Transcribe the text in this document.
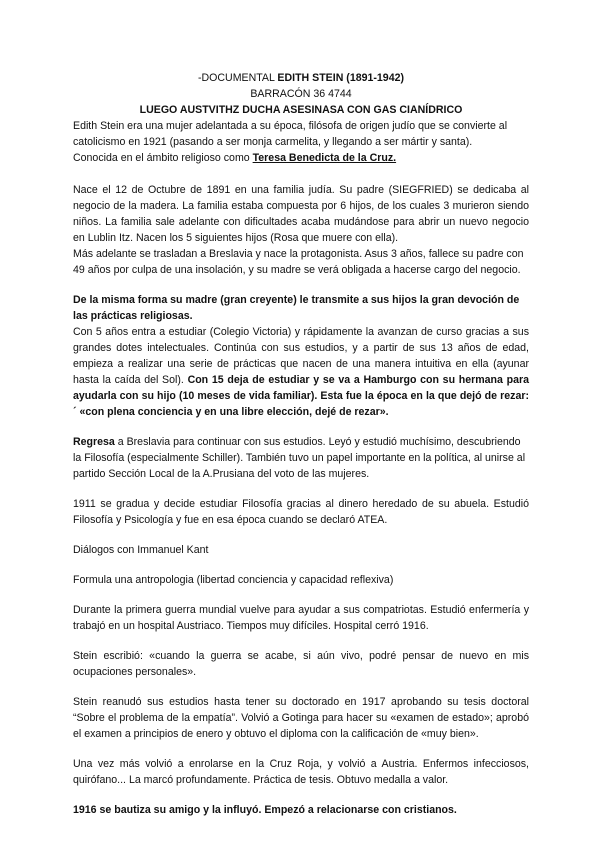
-DOCUMENTAL EDITH STEIN (1891-1942)

BARRACÓN 36 4744

LUEGO AUSTVITHZ DUCHA ASESINASA CON GAS CIANÍDRICO

Edith Stein era una mujer adelantada a su época, filósofa de origen judío que se convierte al catolicismo en 1921 (pasando a ser monja carmelita, y llegando a ser mártir y santa).

Conocida en el ámbito religioso como Teresa Benedicta de la Cruz.

Nace el 12 de Octubre de 1891 en una familia judía. Su padre (SIEGFRIED) se dedicaba al negocio de la madera. La familia estaba compuesta por 6 hijos, de los cuales 3 murieron siendo niños. La familia sale adelante con dificultades acaba mudándose para abrir un nuevo negocio en Lublin Itz. Nacen los 5 siguientes hijos (Rosa que muere con ella).

Más adelante se trasladan a Breslavia y nace la protagonista. Asus 3 años, fallece su padre con 49 años por culpa de una insolación, y su madre se verá obligada a hacerse cargo del negocio.

De la misma forma su madre (gran creyente) le transmite a sus hijos la gran devoción de las prácticas religiosas.

Con 5 años entra a estudiar (Colegio Victoria) y rápidamente la avanzan de curso gracias a sus grandes dotes intelectuales. Continúa con sus estudios, y a partir de sus 13 años de edad, empieza a realizar una serie de prácticas que nacen de una manera intuitiva en ella (ayunar hasta la caída del Sol). Con 15 deja de estudiar y se va a Hamburgo con su hermana para ayudarla con su hijo (10 meses de vida familiar). Esta fue la época en la que dejó de rezar:´ «con plena conciencia y en una libre elección, dejé de rezar».

Regresa a Breslavia para continuar con sus estudios. Leyó y estudió muchísimo, descubriendo la Filosofía (especialmente Schiller). También tuvo un papel importante en la política, al unirse al partido Sección Local de la A.Prusiana del voto de las mujeres.

1911 se gradua y decide estudiar Filosofía gracias al dinero heredado de su abuela. Estudió Filosofía y Psicología y fue en esa época cuando se declaró ATEA.

Diálogos con Immanuel Kant

Formula una antropologia (libertad conciencia y capacidad reflexiva)

Durante la primera guerra mundial vuelve para ayudar a sus compatriotas. Estudió enfermería y trabajó en un hospital Austriaco. Tiempos muy difíciles. Hospital cerró 1916.

Stein escribió: «cuando la guerra se acabe, si aún vivo, podré pensar de nuevo en mis ocupaciones personales».

Stein reanudó sus estudios hasta tener su doctorado en 1917 aprobando su tesis doctoral “Sobre el problema de la empatía”. Volvió a Gotinga para hacer su «examen de estado»; aprobó el examen a principios de enero y obtuvo el diploma con la calificación de «muy bien».

Una vez más volvió a enrolarse en la Cruz Roja, y volvió a Austria. Enfermos infecciosos, quirófano... La marcó profundamente. Práctica de tesis. Obtuvo medalla a valor.

1916 se bautiza su amigo y la influyó. Empezó a relacionarse con cristianos.
